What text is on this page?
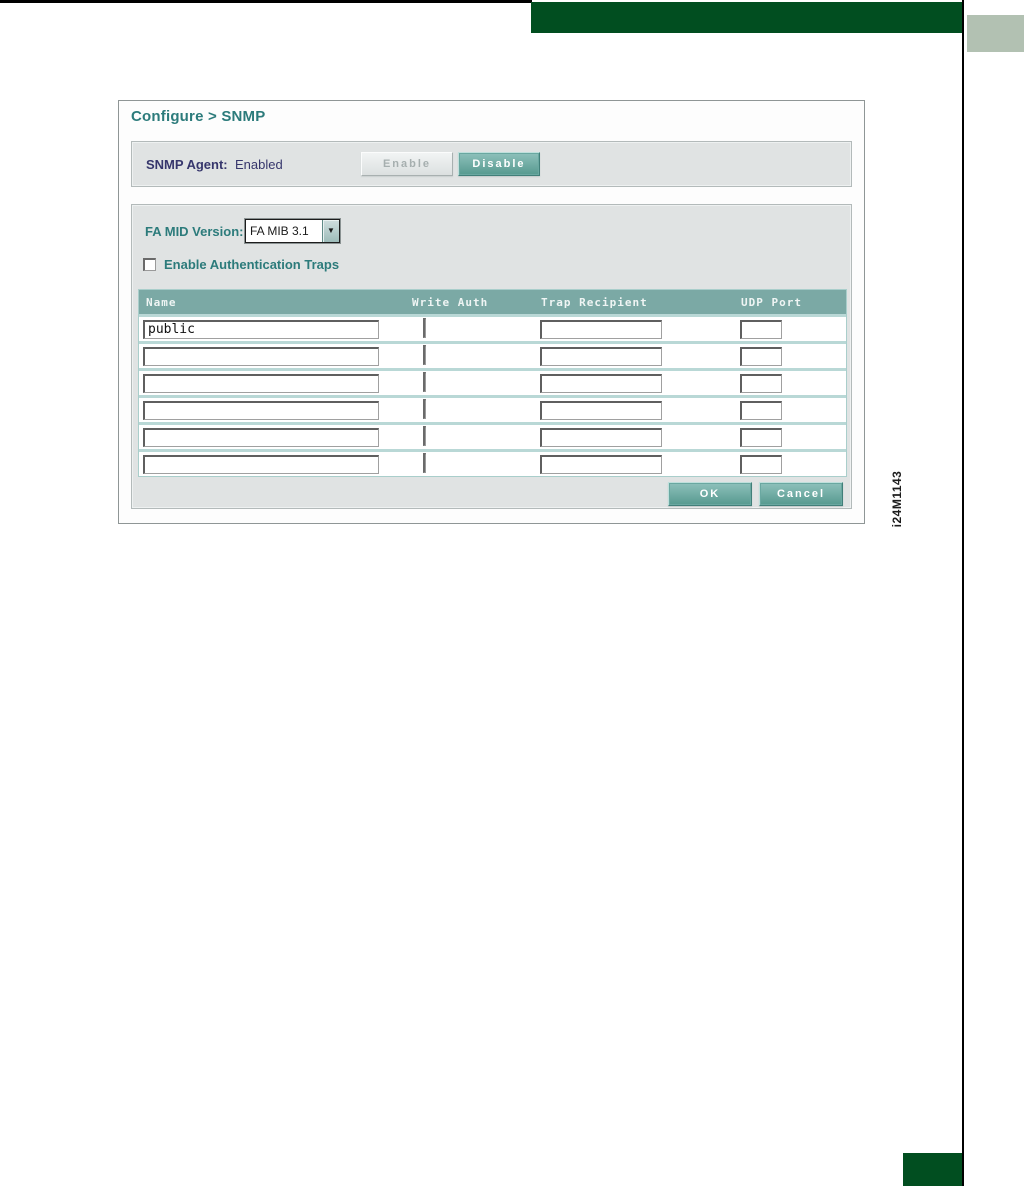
i24M1143
Configure > SNMP
SNMP Agent: Enabled	Enable	Disable
FA MID Version: FA MIB 3.1	▼
Enable Authentication Traps
Name	Write Auth	Trap Recipient	UDP Port
public
OK	Cancel
